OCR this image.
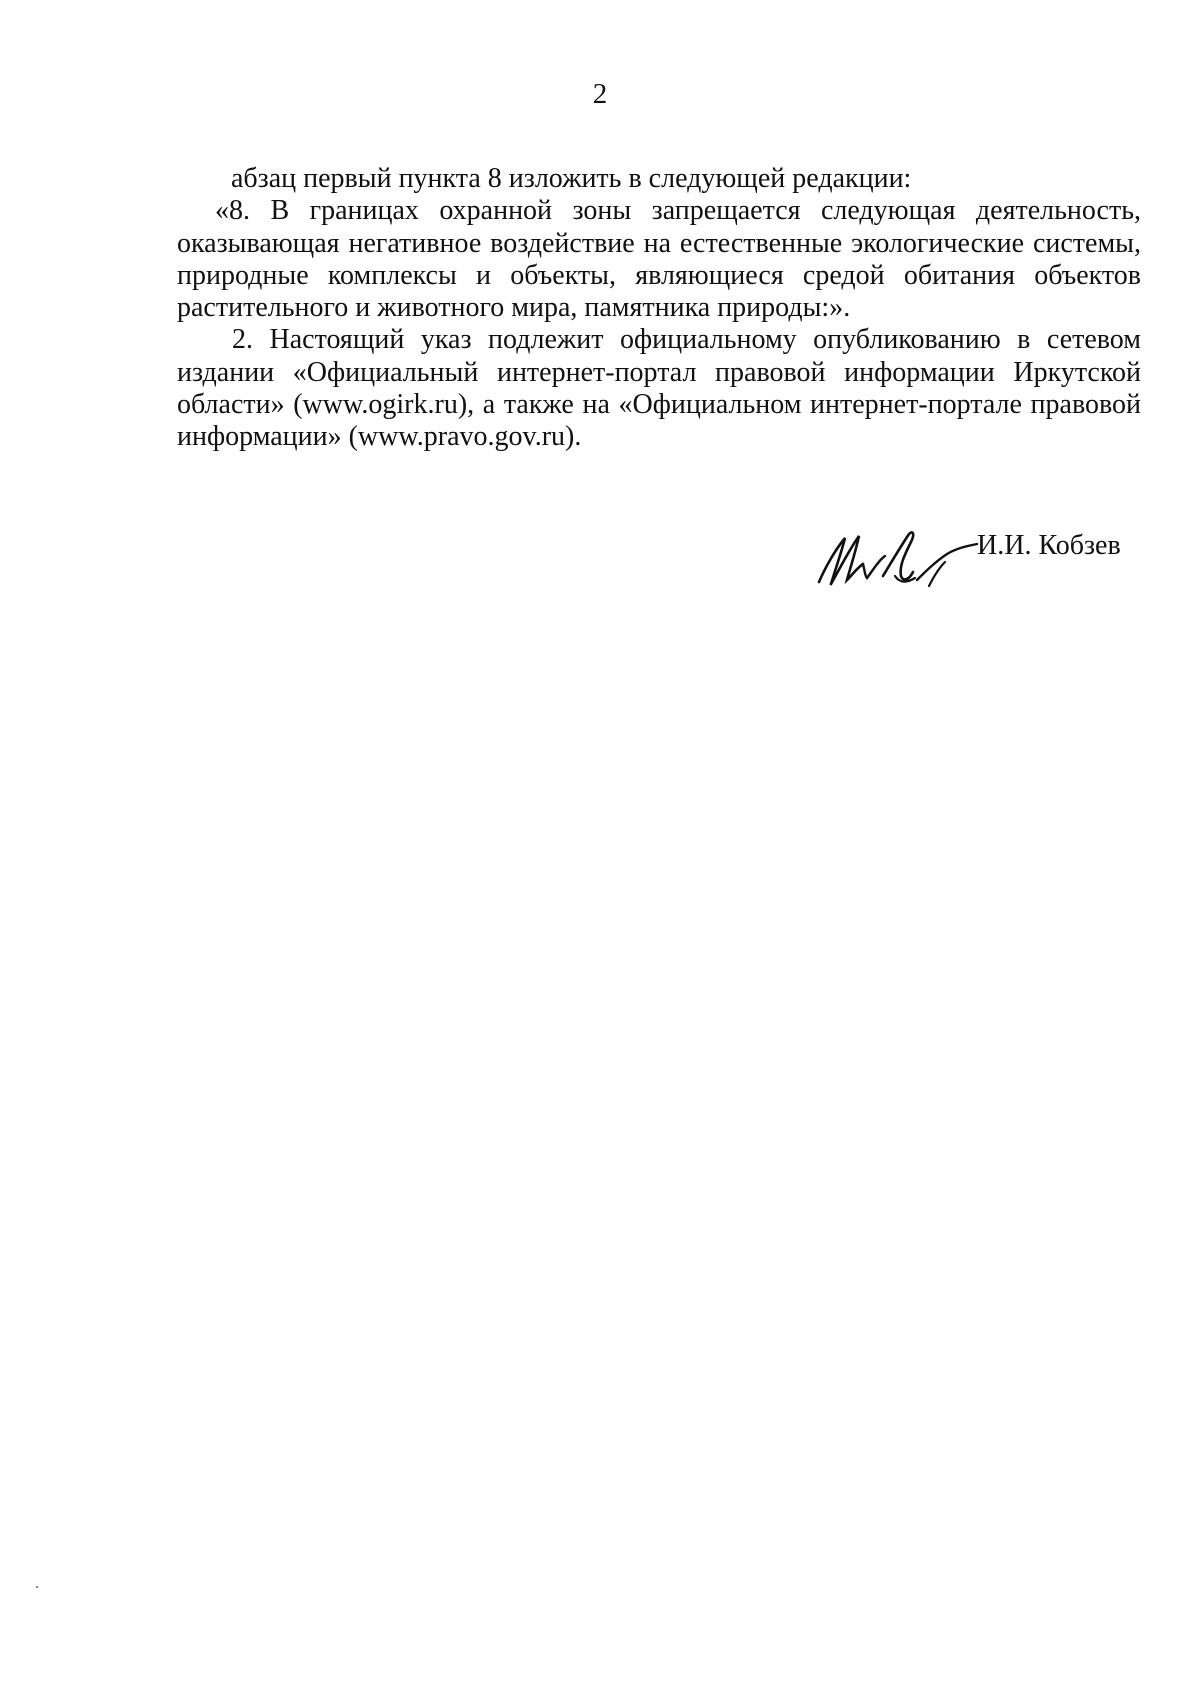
2
абзац первый пункта 8 изложить в следующей редакции:
«8. В границах охранной зоны запрещается следующая деятельность,
оказывающая негативное воздействие на естественные экологические системы,
природные комплексы и объекты, являющиеся средой обитания объектов
растительного и животного мира, памятника природы:».
2. Настоящий указ подлежит официальному опубликованию в сетевом
издании «Официальный интернет-портал правовой информации Иркутской
области» (www.ogirk.ru), а также на «Официальном интернет-портале правовой
информации» (www.pravo.gov.ru).
И.И. Кобзев
